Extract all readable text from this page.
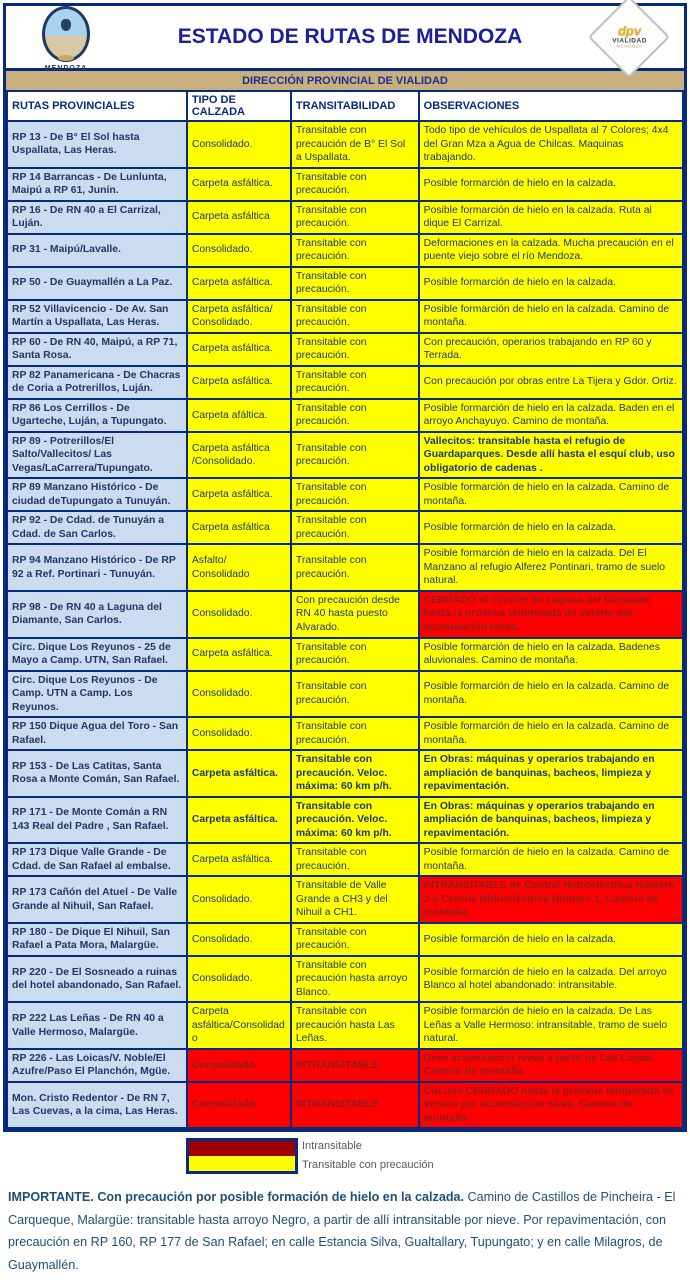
MENDOZA
ESTADO DE RUTAS DE MENDOZA	dpv
VIALIDAD
MENDOZA
DIRECCIÓN PROVINCIAL DE VIALIDAD
RUTAS PROVINCIALES	TIPO DE CALZADA	TRANSITABILIDAD	OBSERVACIONES
RP 13 - De B° El Sol hasta Uspallata, Las Heras.	Consolidado.	Transitable con precaución de B° El Sol a Uspallata.	Todo tipo de vehículos de Uspallata al 7 Colores; 4x4 del Gran Mza a Agua de Chilcas. Maquinas trabajando.
RP 14 Barrancas - De Lunlunta, Maipú a RP 61, Junín.	Carpeta asfáltica.	Transitable con precaución.	Posible formarción de hielo en la calzada.
RP 16 - De RN 40 a El Carrizal, Luján.	Carpeta asfáltica	Transitable con precaución.	Posible formarción de hielo en la calzada. Ruta al dique El Carrizal.
RP 31 - Maipú/Lavalle.	Consolidado.	Transitable con precaución.	Deformaciones en la calzada. Mucha precaución en el puente viejo sobre el río Mendoza.
RP 50 - De Guaymallén a La Paz.	Carpeta asfáltica.	Transitable con precaución.	Posible formarción de hielo en la calzada.
RP 52 Villavicencio - De Av. San Martín a Uspallata, Las Heras.	Carpeta asfáltica/ Consolidado.	Transitable con precaución.	Posible formarción de hielo en la calzada. Camino de montaña.
RP 60 - De RN 40, Maipú, a RP 71, Santa Rosa.	Carpeta asfáltica.	Transitable con precaución.	Con precaución, operarios trabajando en RP 60 y Terrada.
RP 82 Panamericana - De Chacras de Coria a Potrerillos, Luján.	Carpeta asfáltica.	Transitable con precaución.	Con precaución por obras entre La Tijera y Gdor. Ortiz.
RP 86 Los Cerrillos - De Ugarteche, Luján, a Tupungato.	Carpeta afáltica.	Transitable con precaución.	Posible formarción de hielo en la calzada. Baden en el arroyo Anchayuyo. Camino de montaña.
RP 89 - Potrerillos/El Salto/Vallecitos/ Las Vegas/LaCarrera/Tupungato.	Carpeta asfáltica /Consolidado.	Transitable con precaución.	Vallecitos: transitable hasta el refugio de Guardaparques. Desde allí hasta el esquí club, uso obligatorio de cadenas .
RP 89 Manzano Histórico - De ciudad deTupungato a Tunuyán.	Carpeta asfáltica.	Transitable con precaución.	Posible formarción de hielo en la calzada. Camino de montaña.
RP 92 - De Cdad. de Tunuyán a Cdad. de San Carlos.	Carpeta asfáltica	Transitable con precaución.	Posible formarción de hielo en la calzada.
RP 94 Manzano Histórico - De RP 92 a Ref. Portinari - Tunuyán.	Asfalto/ Consolidado	Transitable con precaución.	Posible formarción de hielo en la calzada. Del El Manzano al refugio Alferez Pontinari, tramo de suelo natural.
RP 98 - De RN 40 a Laguna del Diamante, San Carlos.	Consolidado.	Con precaución desde RN 40 hasta puesto Alvarado.	CERRADO el circuito de Laguna del Diamante hasta la próxima temporada de verano por acumulación nívea.
Circ. Dique Los Reyunos - 25 de Mayo a Camp. UTN, San Rafael.	Carpeta asfáltica.	Transitable con precaución.	Posible formarción de hielo en la calzada. Badenes aluvionales. Camino de montaña.
Circ. Dique Los Reyunos - De Camp. UTN a Camp. Los Reyunos.	Consolidado.	Transitable con precaución.	Posible formarción de hielo en la calzada. Camino de montaña.
RP 150 Dique Agua del Toro - San Rafael.	Consolidado.	Transitable con precaución.	Posible formarción de hielo en la calzada. Camino de montaña.
RP 153 - De Las Catitas, Santa Rosa a Monte Comán, San Rafael.	Carpeta asfáltica.	Transitable con precaución. Veloc. máxima: 60 km p/h.	En Obras: máquinas y operarios trabajando en ampliación de banquinas, bacheos, limpieza y repavimentación.
RP 171 - De Monte Comán a RN 143 Real del Padre , San Rafael.	Carpeta asfáltica.	Transitable con precaución. Veloc. máxima: 60 km p/h.	En Obras: máquinas y operarios trabajando en ampliación de banquinas, bacheos, limpieza y repavimentación.
RP 173 Dique Valle Grande - De Cdad. de San Rafael al embalse.	Carpeta asfáltica.	Transitable con precaución.	Posible formarción de hielo en la calzada. Camino de montaña.
RP 173 Cañón del Atuel - De Valle Grande al Nihuil, San Rafael.	Consolidado.	Transitable de Valle Grande a CH3 y del Nihuil a CH1.	INTRANSITABLE de Central Hidroeléctrica Número 3 a Central Hidroeléctrica Número 1. Camino de montaña.
RP 180 - De Dique El Nihuil, San Rafael a Pata Mora, Malargüe.	Consolidado.	Transitable con precaución.	Posible formarción de hielo en la calzada.
RP 220 - De El Sosneado a ruinas del hotel abandonado, San Rafael.	Consolidado.	Transitable con precaución hasta arroyo Blanco.	Posible formarción de hielo en la calzada. Del arroyo Blanco al hotel abandonado: intransitable.
RP 222 Las Leñas - De RN 40 a Valle Hermoso, Malargüe.	Carpeta asfáltica/Consolidado	Transitable con precaución hasta Las Leñas.	Posible formarción de hielo en la calzada. De Las Leñas a Valle Hermoso: intransitable, tramo de suelo natural.
RP 226 - Las Loicas/V. Noble/El Azufre/Paso El Planchón, Mgüe.	Consolidado.	INTRANSITABLE.	Gran acumulación nívea a partir de Las Loicas. Camino de montaña.
Mon. Cristo Redentor - De RN 7, Las Cuevas, a la cima, Las Heras.	Consolidado.	INTRANSITABLE	Circuito CERRADO hasta la próxima temporada de verano por acumulación nívea. Camino de montaña.
Intransitable
Transitable con precaución
IMPORTANTE. Con precaución por posible formación de hielo en la calzada. Camino de Castillos de Pincheira - El Carqueque, Malargüe: transitable hasta arroyo Negro, a partir de allí intransitable por nieve. Por repavimentación, con precaución en RP 160, RP 177 de San Rafael; en calle Estancia Silva, Gualtallary, Tupungato; y en calle Milagros, de Guaymallén.
